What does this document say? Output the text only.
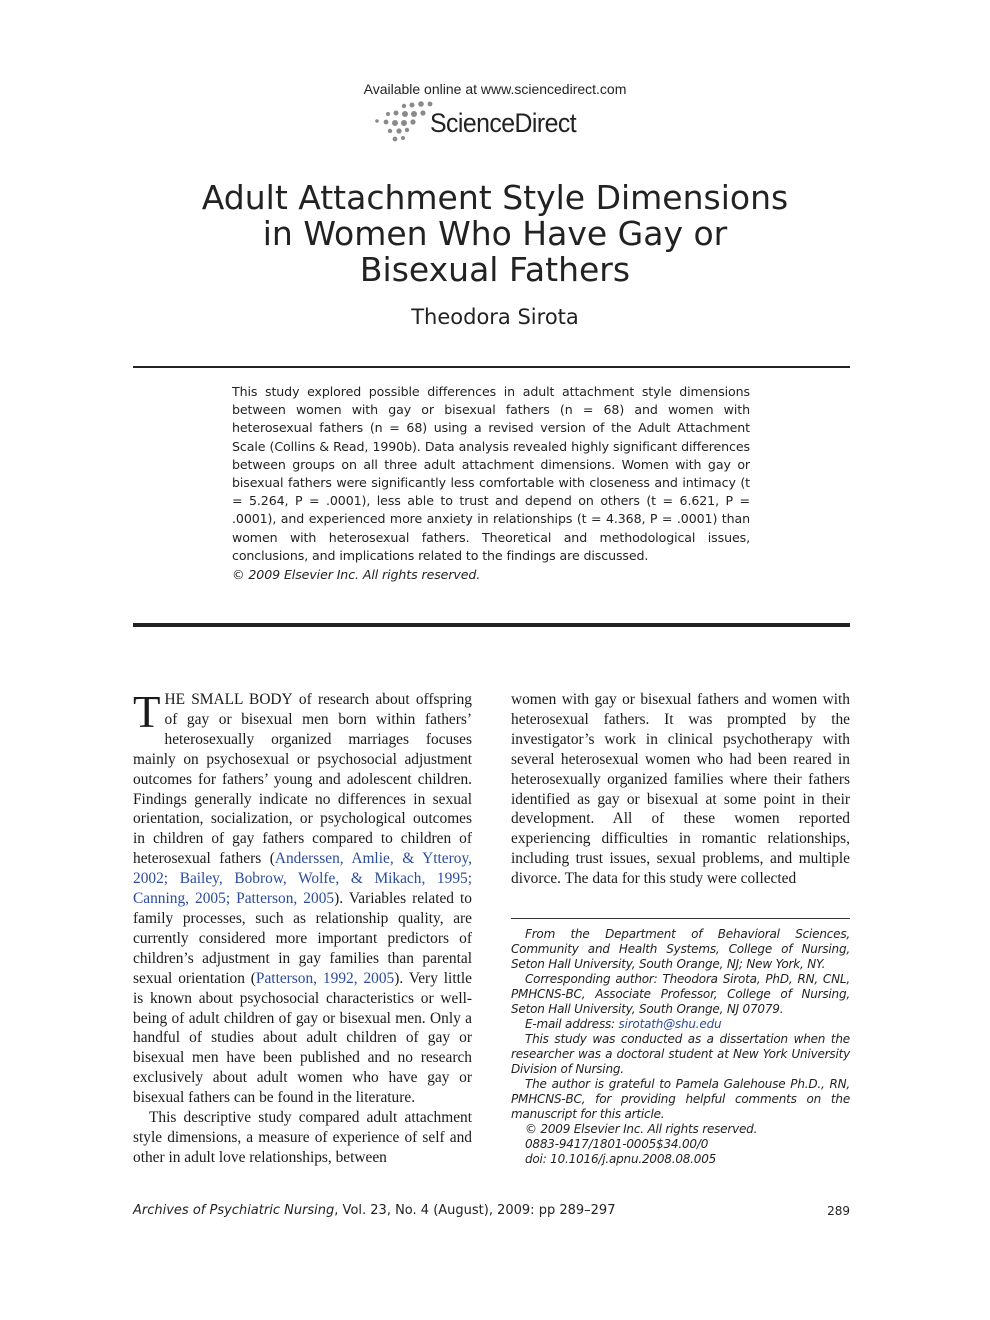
Available online at www.sciencedirect.com
ScienceDirect
Adult Attachment Style Dimensions
in Women Who Have Gay or
Bisexual Fathers
Theodora Sirota
This study explored possible differences in adult attachment style dimensions between women with gay or bisexual fathers (n = 68) and women with heterosexual fathers (n = 68) using a revised version of the Adult Attachment Scale (Collins & Read, 1990b). Data analysis revealed highly significant differences between groups on all three adult attachment dimensions. Women with gay or bisexual fathers were significantly less comfortable with closeness and intimacy (t = 5.264, P = .0001), less able to trust and depend on others (t = 6.621, P = .0001), and experienced more anxiety in relationships (t = 4.368, P = .0001) than women with heterosexual fathers. Theoretical and methodological issues, conclusions, and implications related to the findings are discussed.
© 2009 Elsevier Inc. All rights reserved.
THE SMALL BODY of research about offspring of gay or bisexual men born within fathers’ heterosexually organized marriages focuses mainly on psychosexual or psychosocial adjustment outcomes for fathers’ young and adolescent children. Findings generally indicate no differences in sexual orientation, socialization, or psychological outcomes in children of gay fathers compared to children of heterosexual fathers (Anderssen, Amlie, & Ytteroy, 2002; Bailey, Bobrow, Wolfe, & Mikach, 1995; Canning, 2005; Patterson, 2005). Variables related to family processes, such as relationship quality, are currently considered more important predictors of children’s adjustment in gay families than parental sexual orientation (Patterson, 1992, 2005). Very little is known about psychosocial characteristics or well-being of adult children of gay or bisexual men. Only a handful of studies about adult children of gay or bisexual men have been published and no research exclusively about adult women who have gay or bisexual fathers can be found in the literature.
This descriptive study compared adult attachment style dimensions, a measure of experience of self and other in adult love relationships, between
women with gay or bisexual fathers and women with heterosexual fathers. It was prompted by the investigator’s work in clinical psychotherapy with several heterosexual women who had been reared in heterosexually organized families where their fathers identified as gay or bisexual at some point in their development. All of these women reported experiencing difficulties in romantic relationships, including trust issues, sexual problems, and multiple divorce. The data for this study were collected

From the Department of Behavioral Sciences, Community and Health Systems, College of Nursing, Seton Hall University, South Orange, NJ; New York, NY.

Corresponding author: Theodora Sirota, PhD, RN, CNL, PMHCNS-BC, Associate Professor, College of Nursing, Seton Hall University, South Orange, NJ 07079.

E-mail address: sirotath@shu.edu

This study was conducted as a dissertation when the researcher was a doctoral student at New York University Division of Nursing.

The author is grateful to Pamela Galehouse Ph.D., RN, PMHCNS-BC, for providing helpful comments on the manuscript for this article.

© 2009 Elsevier Inc. All rights reserved.

0883-9417/1801-0005$34.00/0

doi: 10.1016/j.apnu.2008.08.005

Archives of Psychiatric Nursing, Vol. 23, No. 4 (August), 2009: pp 289–297	289
